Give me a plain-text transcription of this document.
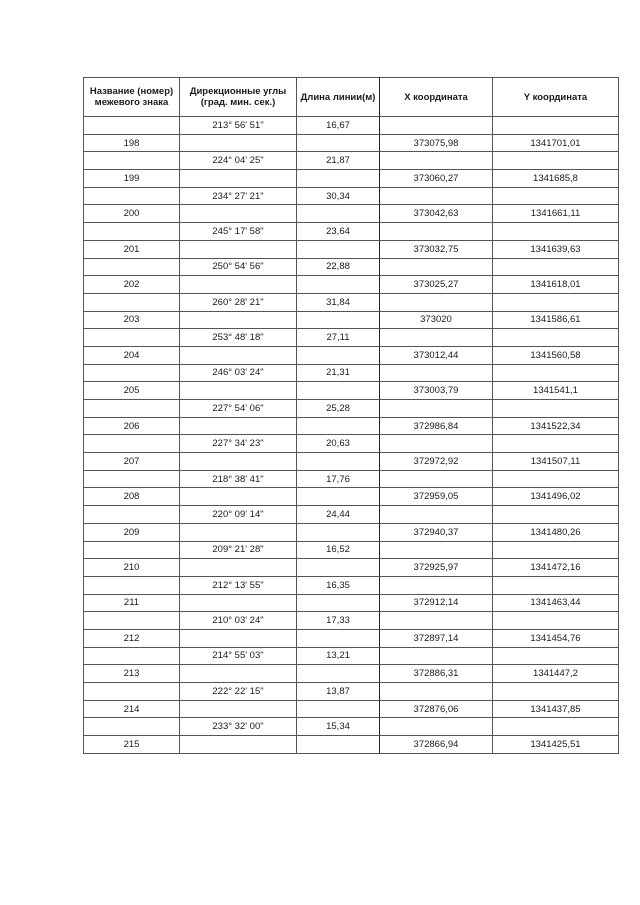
Название (номер) межевого знака	Дирекционные углы (град. мин. сек.)	Длина линии(м)	X координата	Y координата
	213° 56' 51"	16,67		
198			373075,98	1341701,01
	224° 04' 25"	21,87		
199			373060,27	1341685,8
	234° 27' 21"	30,34		
200			373042,63	1341661,11
	245° 17' 58"	23,64		
201			373032,75	1341639,63
	250° 54' 56"	22,88		
202			373025,27	1341618,01
	260° 28' 21"	31,84		
203			373020	1341586,61
	253° 48' 18"	27,11		
204			373012,44	1341560,58
	246° 03' 24"	21,31		
205			373003,79	1341541,1
	227° 54' 06"	25,28		
206			372986,84	1341522,34
	227° 34' 23"	20,63		
207			372972,92	1341507,11
	218° 38' 41"	17,76		
208			372959,05	1341496,02
	220° 09' 14"	24,44		
209			372940,37	1341480,26
	209° 21' 28"	16,52		
210			372925,97	1341472,16
	212° 13' 55"	16,35		
211			372912,14	1341463,44
	210° 03' 24"	17,33		
212			372897,14	1341454,76
	214° 55' 03"	13,21		
213			372886,31	1341447,2
	222° 22' 15"	13,87		
214			372876,06	1341437,85
	233° 32' 00"	15,34		
215			372866,94	1341425,51
